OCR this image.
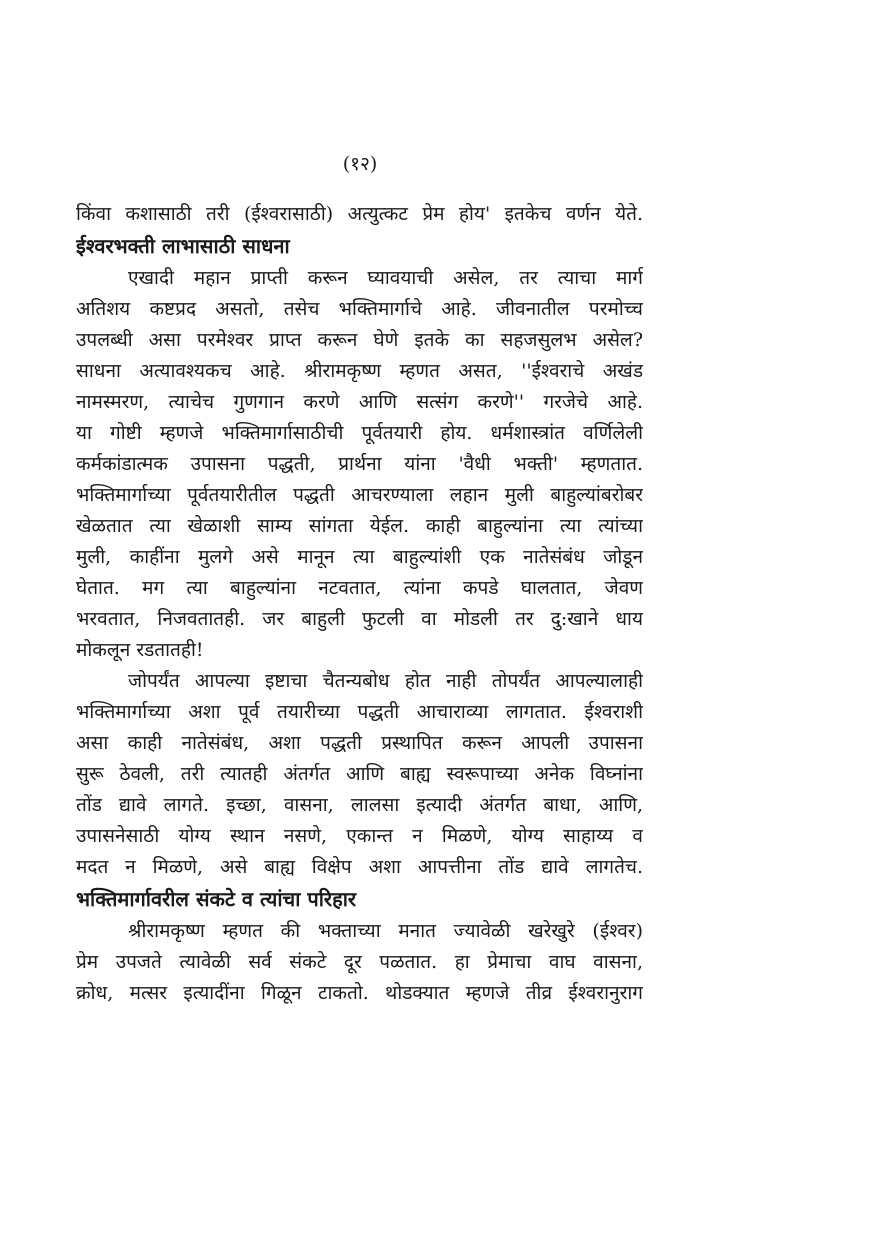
(१२)
किंवा कशासाठी तरी (ईश्वरासाठी) अत्युत्कट प्रेम होय' इतकेच वर्णन येते.
ईश्वरभक्ती लाभासाठी साधना
एखादी महान प्राप्ती करून घ्यावयाची असेल, तर त्याचा मार्ग
अतिशय कष्टप्रद असतो, तसेच भक्तिमार्गाचे आहे. जीवनातील परमोच्च
उपलब्धी असा परमेश्वर प्राप्त करून घेणे इतके का सहजसुलभ असेल?
साधना अत्यावश्यकच आहे. श्रीरामकृष्ण म्हणत असत, ''ईश्वराचे अखंड
नामस्मरण, त्याचेच गुणगान करणे आणि सत्संग करणे'' गरजेचे आहे.
या गोष्टी म्हणजे भक्तिमार्गासाठीची पूर्वतयारी होय. धर्मशास्त्रांत वर्णिलेली
कर्मकांडात्मक उपासना पद्धती, प्रार्थना यांना 'वैधी भक्ती' म्हणतात.
भक्तिमार्गाच्या पूर्वतयारीतील पद्धती आचरण्याला लहान मुली बाहुल्यांबरोबर
खेळतात त्या खेळाशी साम्य सांगता येईल. काही बाहुल्यांना त्या त्यांच्या
मुली, काहींना मुलगे असे मानून त्या बाहुल्यांशी एक नातेसंबंध जोडून
घेतात. मग त्या बाहुल्यांना नटवतात, त्यांना कपडे घालतात, जेवण
भरवतात, निजवतातही. जर बाहुली फुटली वा मोडली तर दु:खाने धाय
मोकलून रडतातही!
जोपर्यंत आपल्या इष्टाचा चैतन्यबोध होत नाही तोपर्यंत आपल्यालाही
भक्तिमार्गाच्या अशा पूर्व तयारीच्या पद्धती आचाराव्या लागतात. ईश्वराशी
असा काही नातेसंबंध, अशा पद्धती प्रस्थापित करून आपली उपासना
सुरू ठेवली, तरी त्यातही अंतर्गत आणि बाह्य स्वरूपाच्या अनेक विघ्नांना
तोंड द्यावे लागते. इच्छा, वासना, लालसा इत्यादी अंतर्गत बाधा, आणि,
उपासनेसाठी योग्य स्थान नसणे, एकान्त न मिळणे, योग्य साहाय्य व
मदत न मिळणे, असे बाह्य विक्षेप अशा आपत्तीना तोंड द्यावे लागतेच.
भक्तिमार्गावरील संकटे व त्यांचा परिहार
श्रीरामकृष्ण म्हणत की भक्ताच्या मनात ज्यावेळी खरेखुरे (ईश्वर)
प्रेम उपजते त्यावेळी सर्व संकटे दूर पळतात. हा प्रेमाचा वाघ वासना,
क्रोध, मत्सर इत्यादींना गिळून टाकतो. थोडक्यात म्हणजे तीव्र ईश्वरानुराग
